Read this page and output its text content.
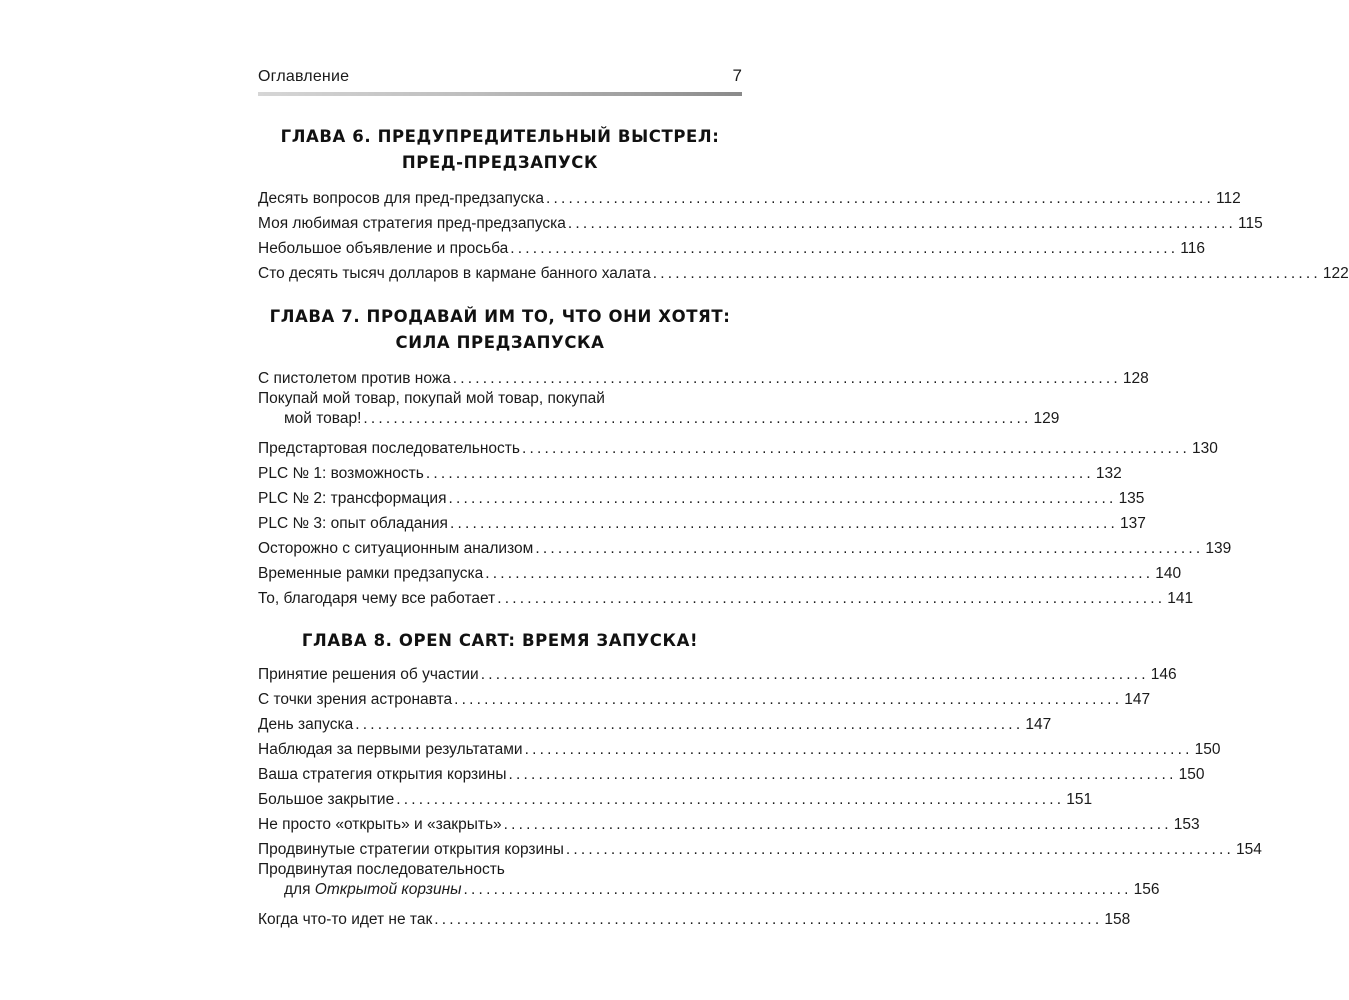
Оглавление	7
ГЛАВА 6. ПРЕДУПРЕДИТЕЛЬНЫЙ ВЫСТРЕЛ:
ПРЕД-ПРЕДЗАПУСК
Десять вопросов для пред-предзапуска ......................................................................................... 112
Моя любимая стратегия пред-предзапуска ......................................................................................... 115
Небольшое объявление и просьба ......................................................................................... 116
Сто десять тысяч долларов в кармане банного халата ......................................................................................... 122
ГЛАВА 7. ПРОДАВАЙ ИМ ТО, ЧТО ОНИ ХОТЯТ:
СИЛА ПРЕДЗАПУСКА
С пистолетом против ножа ......................................................................................... 128
Покупай мой товар, покупай мой товар, покупай
мой товар! ......................................................................................... 129
Предстартовая последовательность ......................................................................................... 130
PLC № 1: возможность ......................................................................................... 132
PLC № 2: трансформация ......................................................................................... 135
PLC № 3: опыт обладания ......................................................................................... 137
Осторожно с ситуационным анализом ......................................................................................... 139
Временные рамки предзапуска ......................................................................................... 140
То, благодаря чему все работает ......................................................................................... 141
ГЛАВА 8. OPEN CART: ВРЕМЯ ЗАПУСКА!
Принятие решения об участии ......................................................................................... 146
С точки зрения астронавта ......................................................................................... 147
День запуска ......................................................................................... 147
Наблюдая за первыми результатами ......................................................................................... 150
Ваша стратегия открытия корзины ......................................................................................... 150
Большое закрытие ......................................................................................... 151
Не просто «открыть» и «закрыть» ......................................................................................... 153
Продвинутые стратегии открытия корзины ......................................................................................... 154
Продвинутая последовательность
для Открытой корзины ......................................................................................... 156
Когда что-то идет не так ......................................................................................... 158
